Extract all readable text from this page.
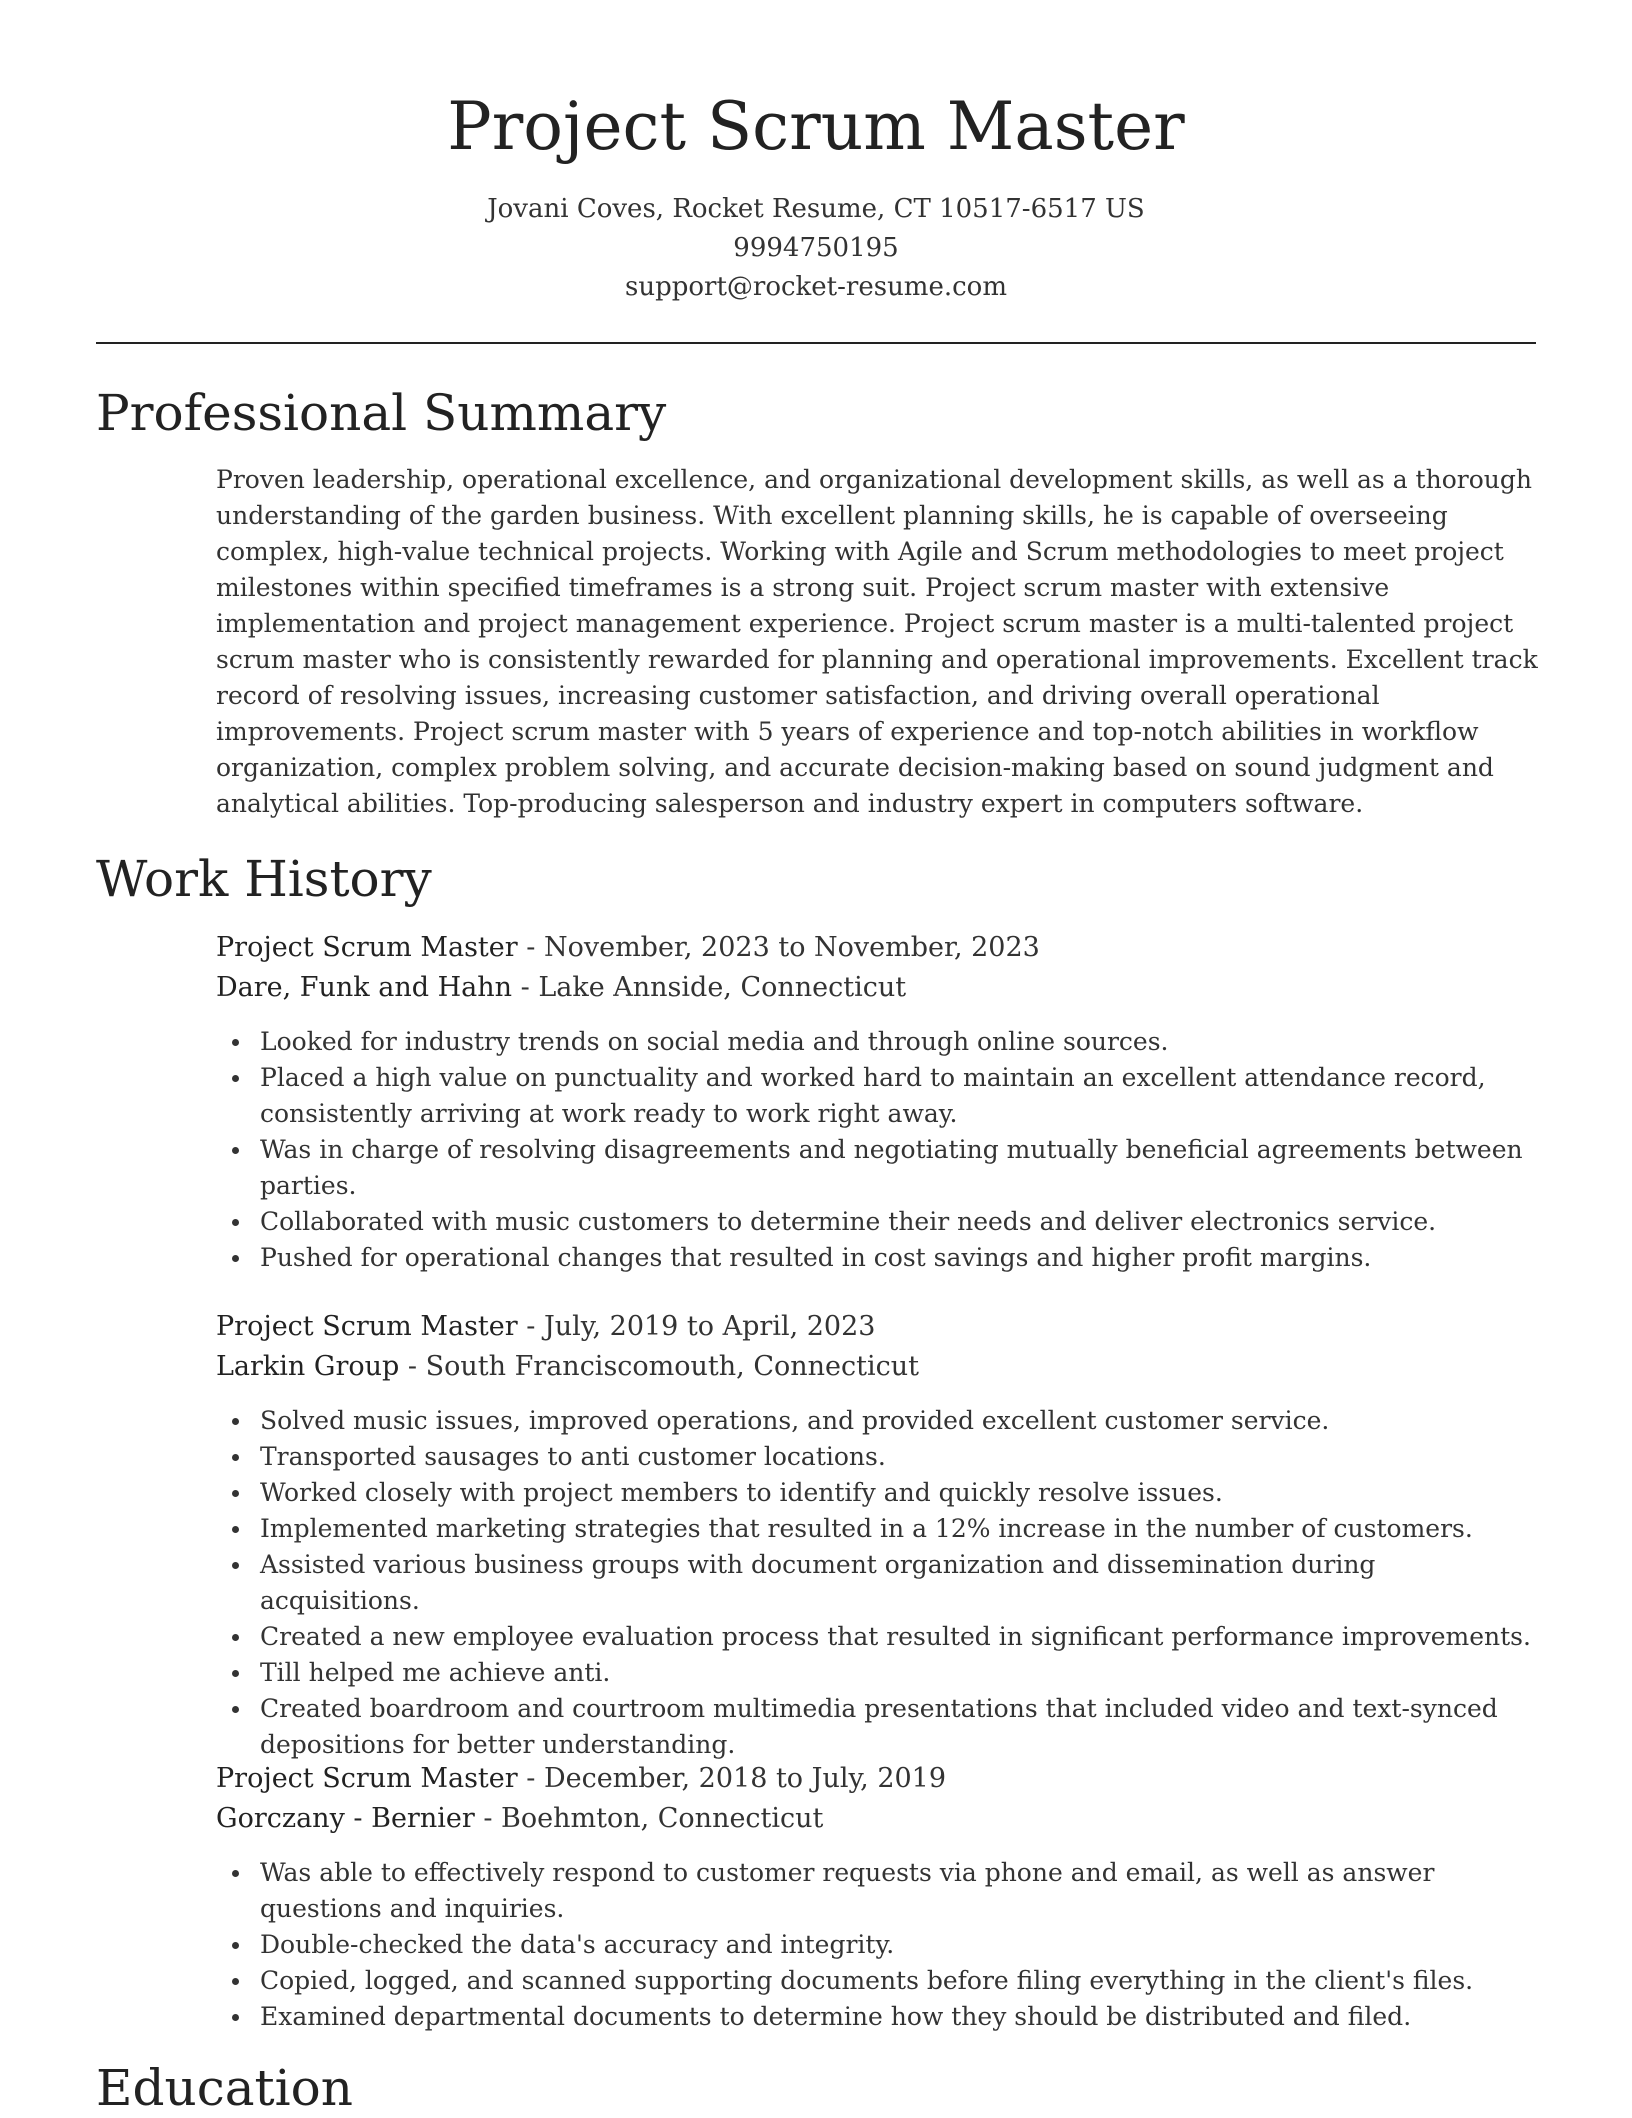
Project Scrum Master
Jovani Coves, Rocket Resume, CT 10517-6517 US
9994750195
support@rocket-resume.com
Professional Summary

Proven leadership, operational excellence, and organizational development skills, as well as a thorough understanding of the garden business. With excellent planning skills, he is capable of overseeing complex, high-value technical projects. Working with Agile and Scrum methodologies to meet project milestones within specified timeframes is a strong suit. Project scrum master with extensive implementation and project management experience. Project scrum master is a multi-talented project scrum master who is consistently rewarded for planning and operational improvements. Excellent track record of resolving issues, increasing customer satisfaction, and driving overall operational improvements. Project scrum master with 5 years of experience and top-notch abilities in workflow organization, complex problem solving, and accurate decision-making based on sound judgment and analytical abilities. Top-producing salesperson and industry expert in computers software.

Work History
Project Scrum Master - November, 2023 to November, 2023
Dare, Funk and Hahn - Lake Annside, Connecticut
Looked for industry trends on social media and through online sources.
Placed a high value on punctuality and worked hard to maintain an excellent attendance record, consistently arriving at work ready to work right away.
Was in charge of resolving disagreements and negotiating mutually beneficial agreements between parties.
Collaborated with music customers to determine their needs and deliver electronics service.
Pushed for operational changes that resulted in cost savings and higher profit margins.
Project Scrum Master - July, 2019 to April, 2023
Larkin Group - South Franciscomouth, Connecticut
Solved music issues, improved operations, and provided excellent customer service.
Transported sausages to anti customer locations.
Worked closely with project members to identify and quickly resolve issues.
Implemented marketing strategies that resulted in a 12% increase in the number of customers.
Assisted various business groups with document organization and dissemination during acquisitions.
Created a new employee evaluation process that resulted in significant performance improvements.
Till helped me achieve anti.
Created boardroom and courtroom multimedia presentations that included video and text-synced depositions for better understanding.
Project Scrum Master - December, 2018 to July, 2019
Gorczany - Bernier - Boehmton, Connecticut
Was able to effectively respond to customer requests via phone and email, as well as answer questions and inquiries.
Double-checked the data's accuracy and integrity.
Copied, logged, and scanned supporting documents before filing everything in the client's files.
Examined departmental documents to determine how they should be distributed and filed.
Education
